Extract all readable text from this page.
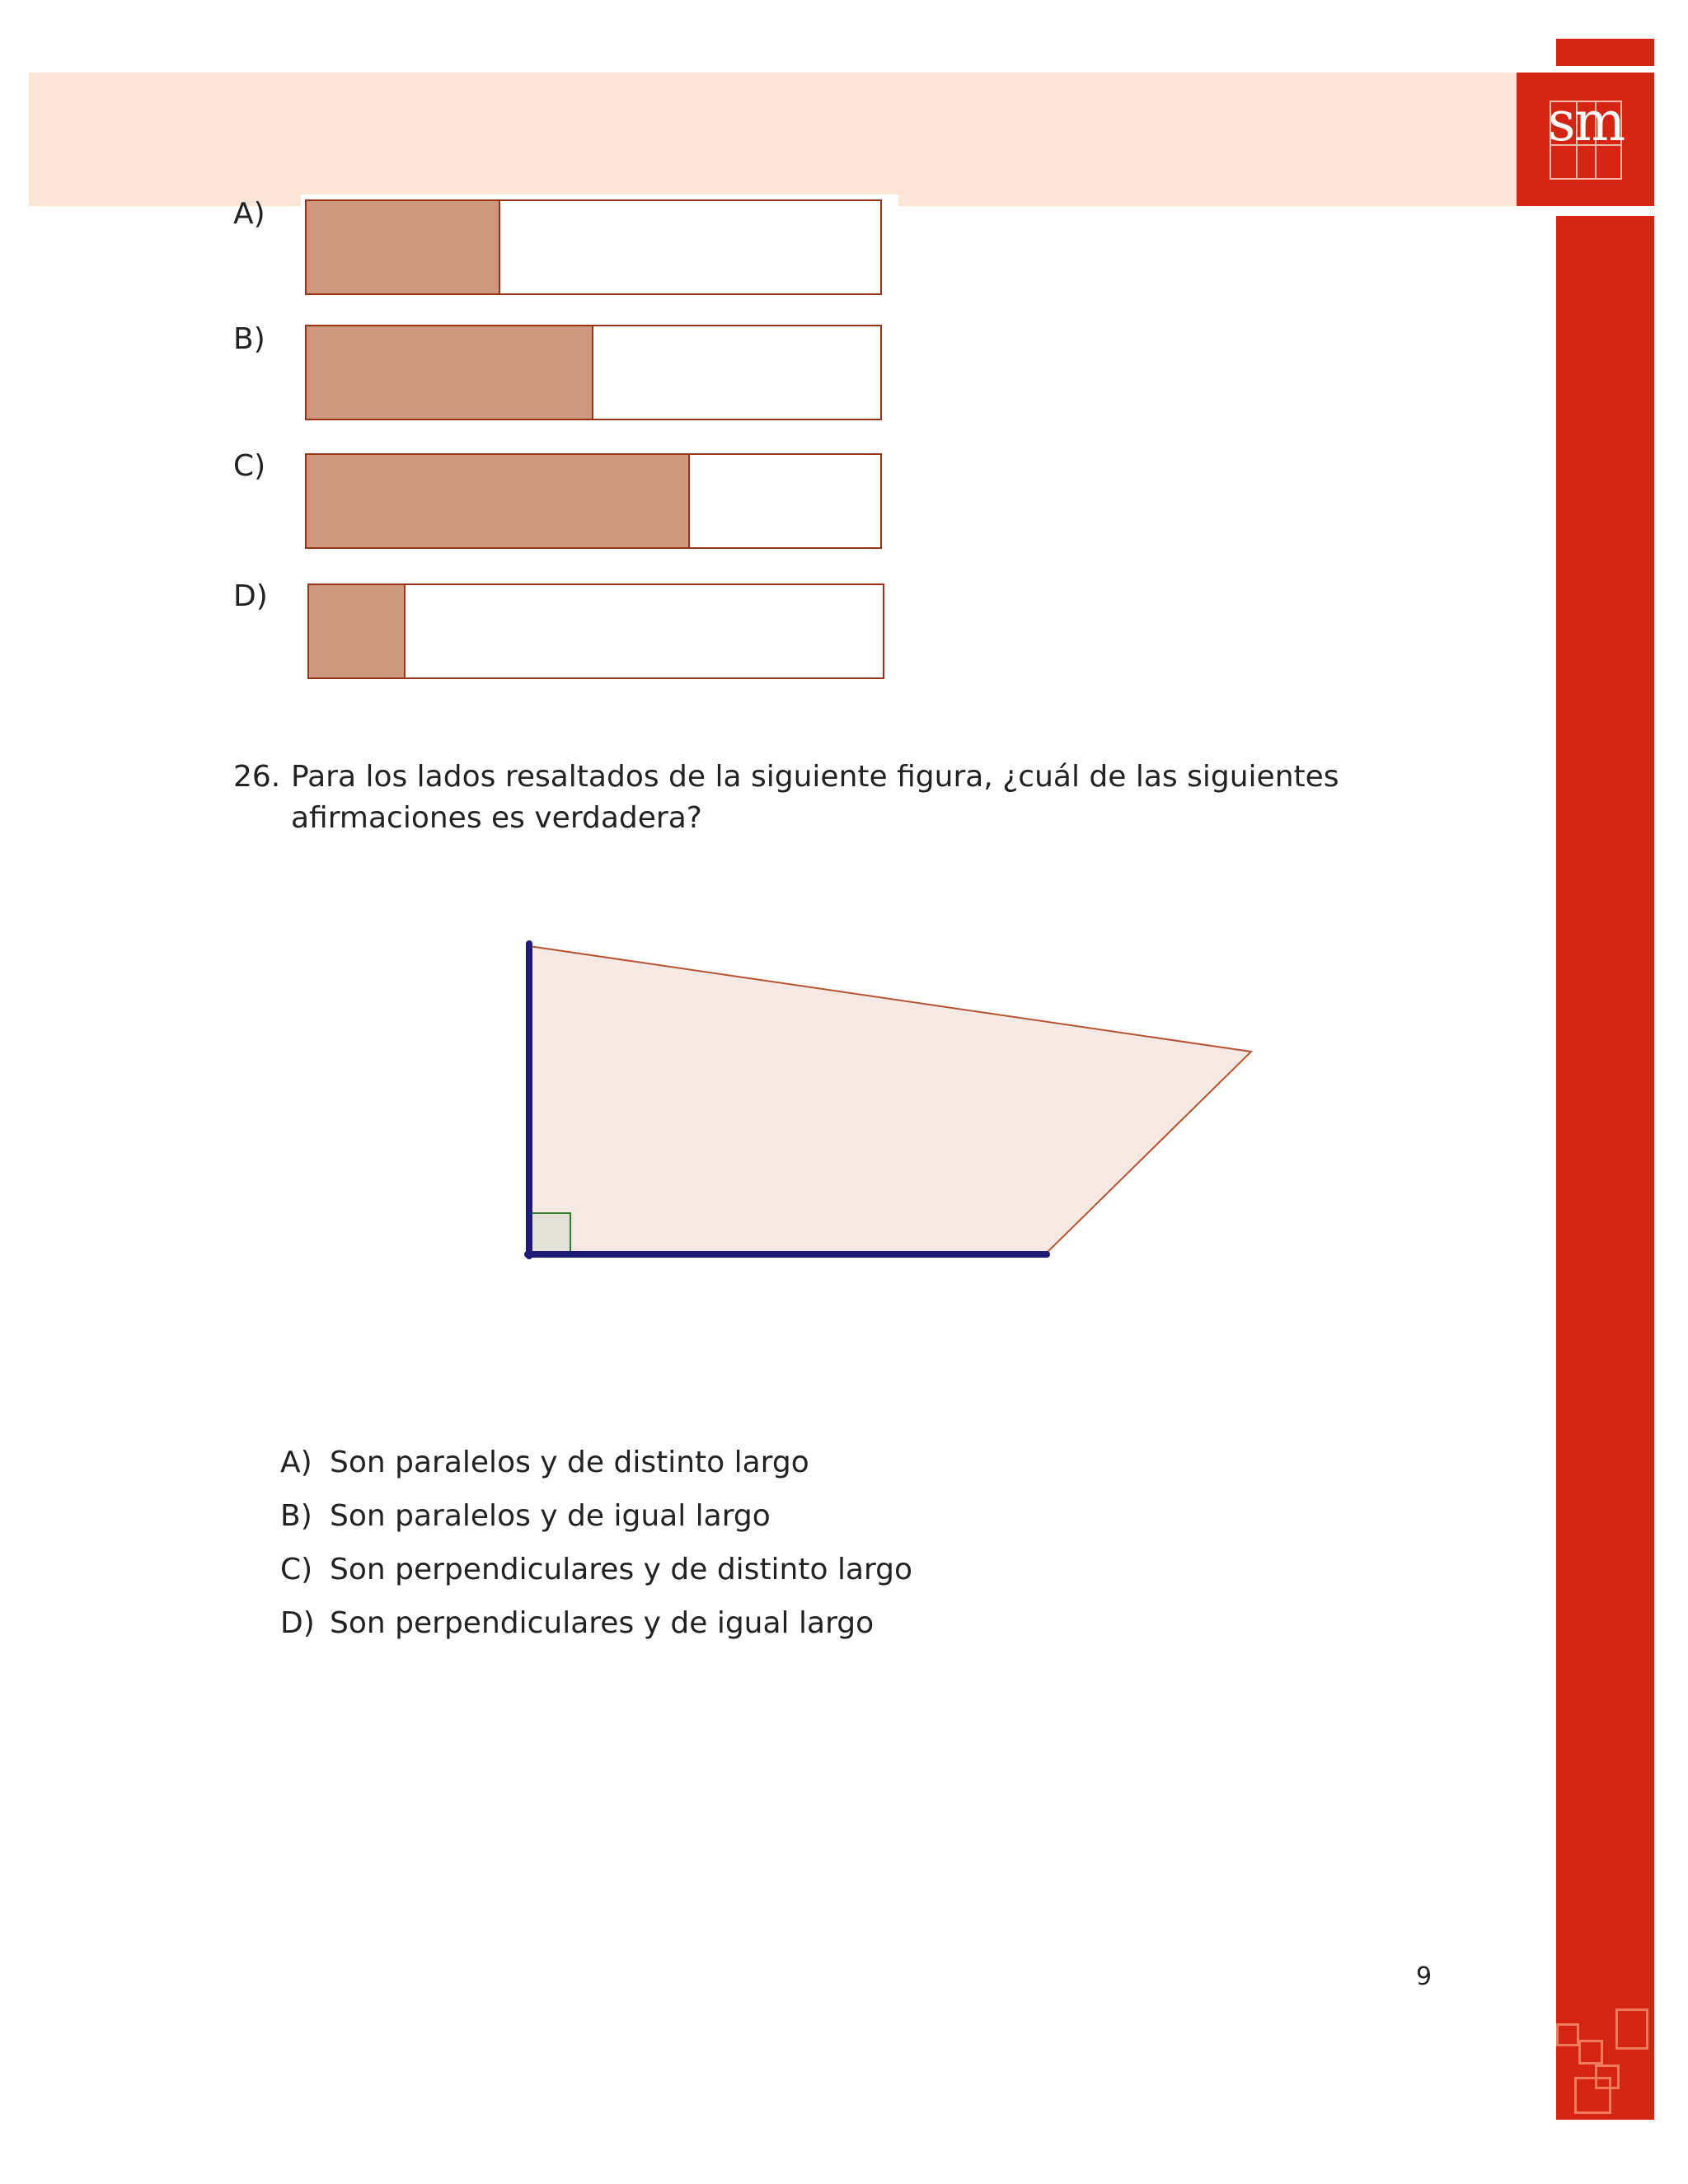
sm
A)
B)
C)
D)
26. Para los lados resaltados de la siguiente figura, ¿cuál de las siguientes afirmaciones es verdadera?
A) Son paralelos y de distinto largo
B) Son paralelos y de igual largo
C) Son perpendiculares y de distinto largo
D) Son perpendiculares y de igual largo
9
